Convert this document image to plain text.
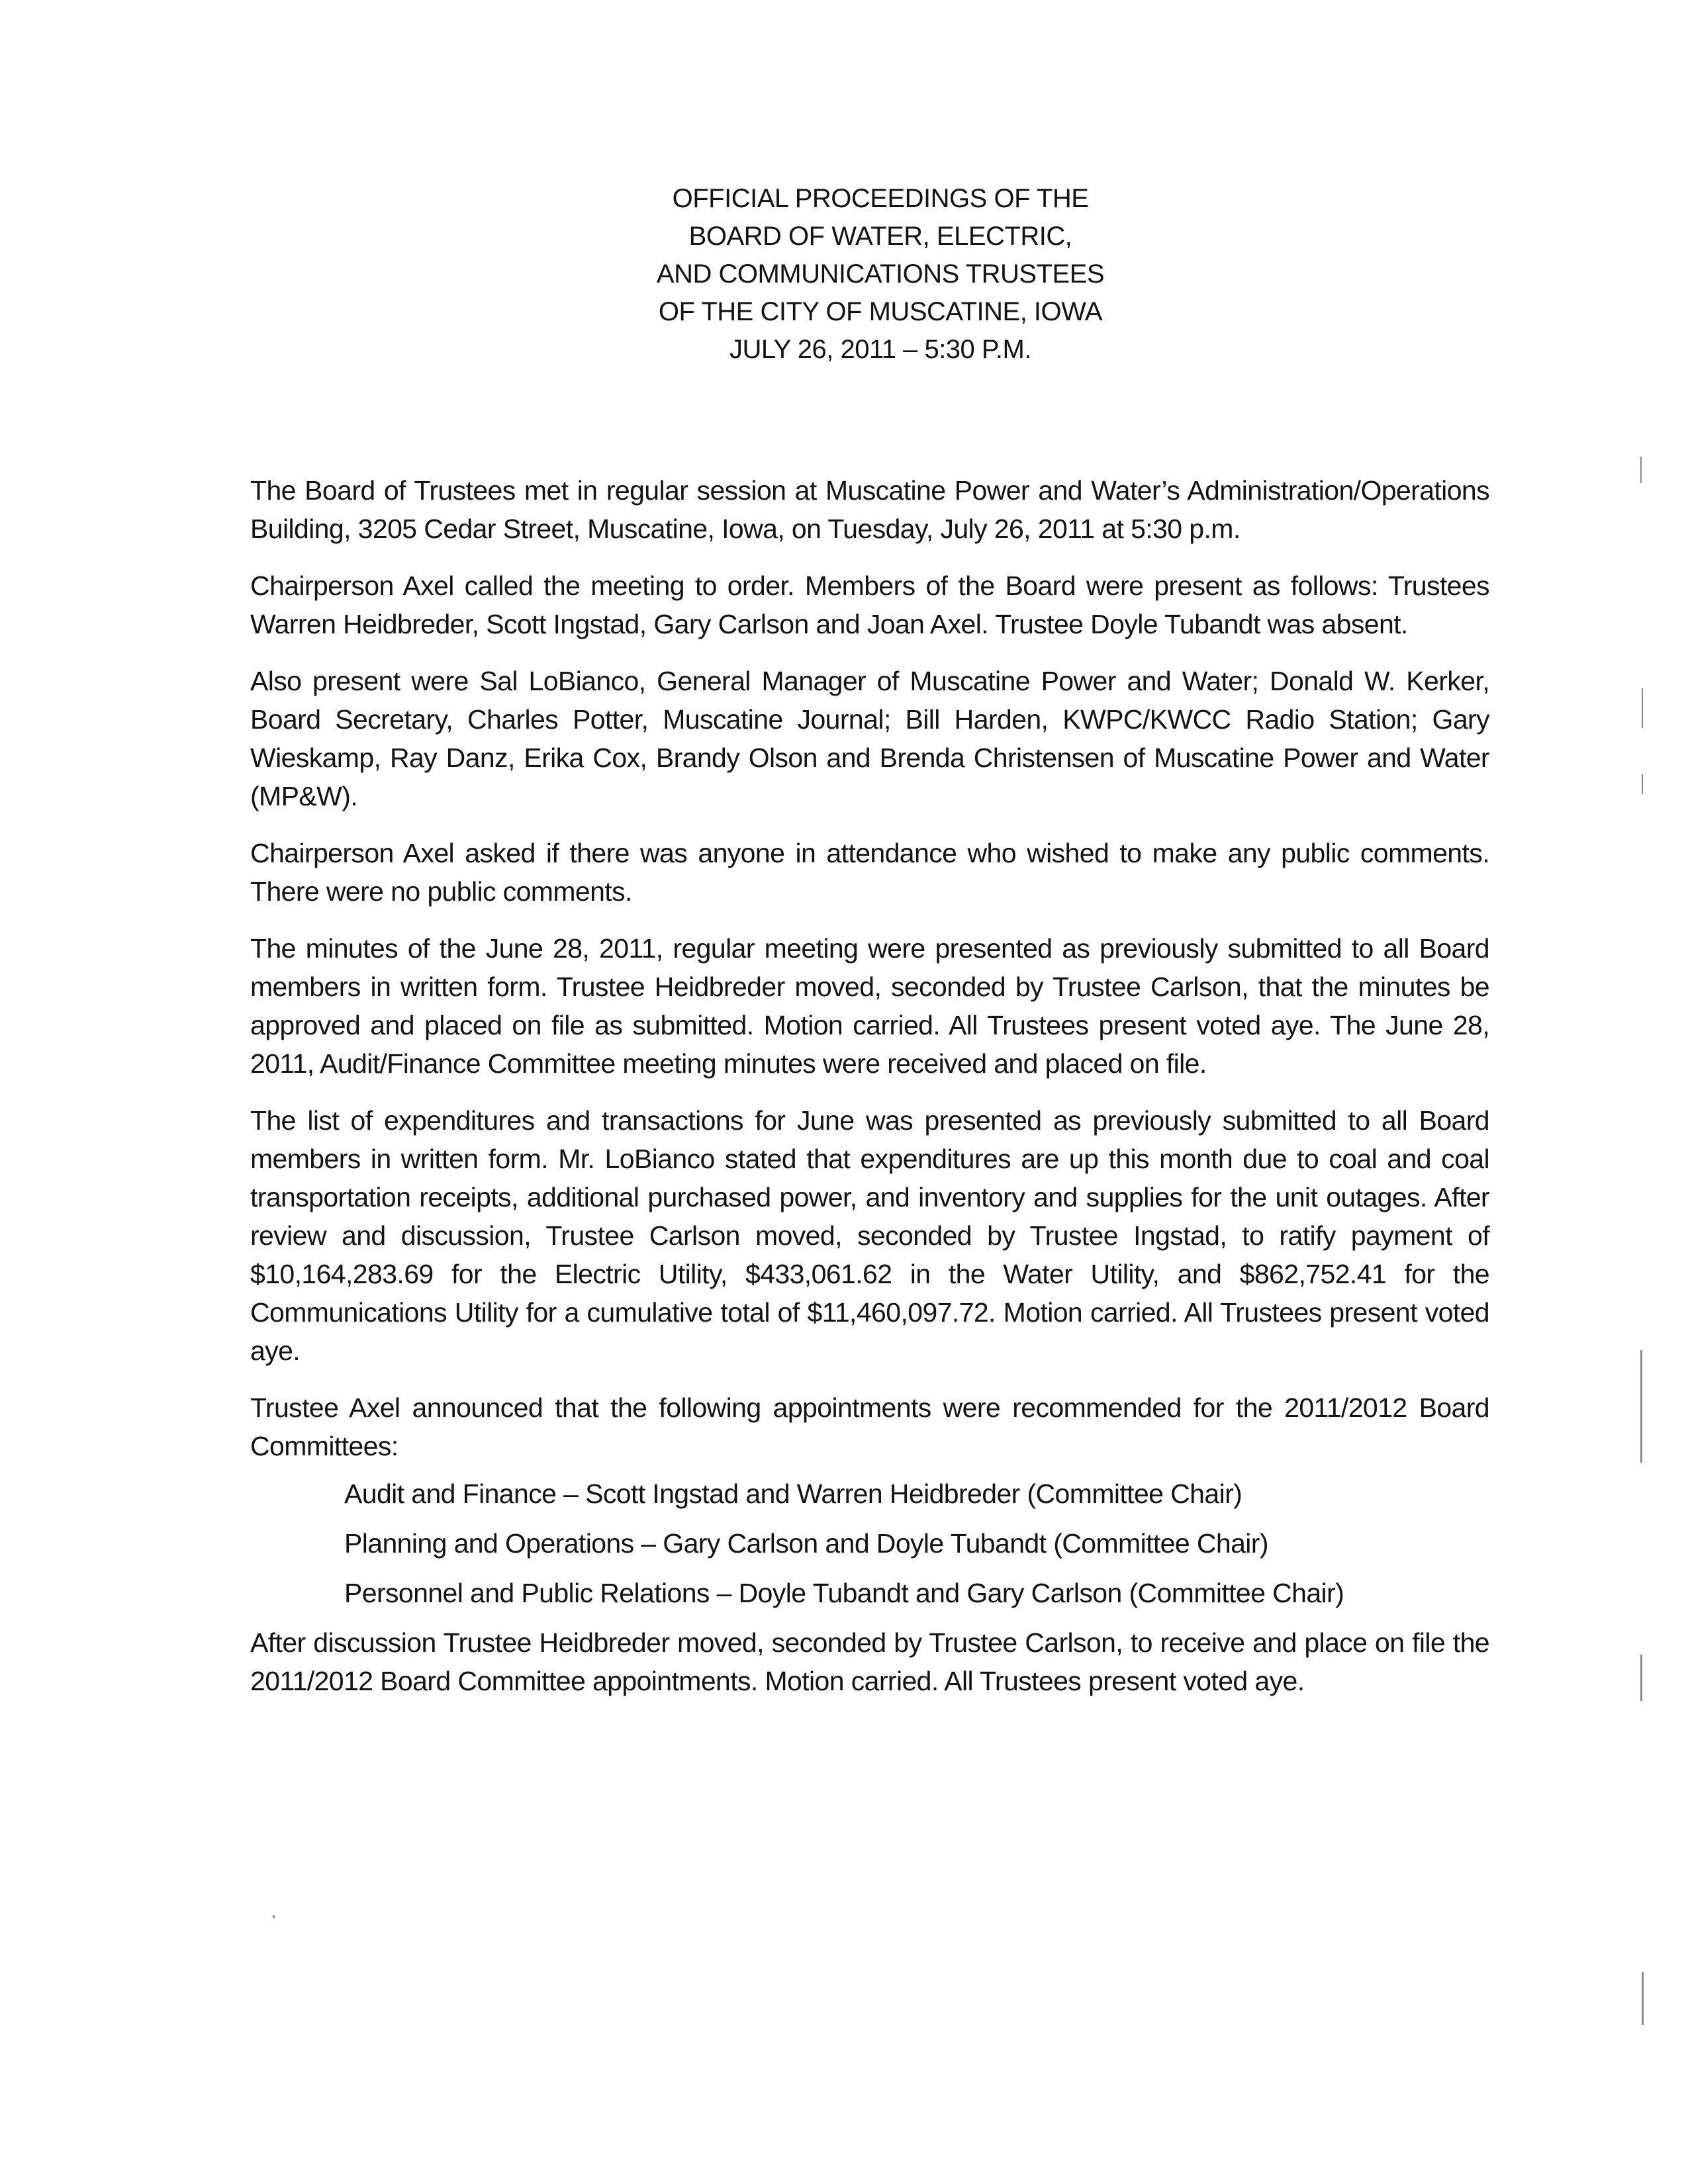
OFFICIAL PROCEEDINGS OF THE
BOARD OF WATER, ELECTRIC,
AND COMMUNICATIONS TRUSTEES
OF THE CITY OF MUSCATINE, IOWA
JULY 26, 2011 – 5:30 P.M.

The Board of Trustees met in regular session at Muscatine Power and Water’s Administration/Operations Building, 3205 Cedar Street, Muscatine, Iowa, on Tuesday, July 26, 2011 at 5:30 p.m.

Chairperson Axel called the meeting to order. Members of the Board were present as follows: Trustees Warren Heidbreder, Scott Ingstad, Gary Carlson and Joan Axel. Trustee Doyle Tubandt was absent.

Also present were Sal LoBianco, General Manager of Muscatine Power and Water; Donald W. Kerker, Board Secretary, Charles Potter, Muscatine Journal; Bill Harden, KWPC/KWCC Radio Station; Gary Wieskamp, Ray Danz, Erika Cox, Brandy Olson and Brenda Christensen of Muscatine Power and Water (MP&W).

Chairperson Axel asked if there was anyone in attendance who wished to make any public comments. There were no public comments.

The minutes of the June 28, 2011, regular meeting were presented as previously submitted to all Board members in written form. Trustee Heidbreder moved, seconded by Trustee Carlson, that the minutes be approved and placed on file as submitted. Motion carried. All Trustees present voted aye. The June 28, 2011, Audit/Finance Committee meeting minutes were received and placed on file.

The list of expenditures and transactions for June was presented as previously submitted to all Board members in written form. Mr. LoBianco stated that expenditures are up this month due to coal and coal transportation receipts, additional purchased power, and inventory and supplies for the unit outages. After review and discussion, Trustee Carlson moved, seconded by Trustee Ingstad, to ratify payment of $10,164,283.69 for the Electric Utility, $433,061.62 in the Water Utility, and $862,752.41 for the Communications Utility for a cumulative total of $11,460,097.72. Motion carried. All Trustees present voted aye.

Trustee Axel announced that the following appointments were recommended for the 2011/2012 Board Committees:

Audit and Finance – Scott Ingstad and Warren Heidbreder (Committee Chair)
Planning and Operations – Gary Carlson and Doyle Tubandt (Committee Chair)
Personnel and Public Relations – Doyle Tubandt and Gary Carlson (Committee Chair)

After discussion Trustee Heidbreder moved, seconded by Trustee Carlson, to receive and place on file the 2011/2012 Board Committee appointments. Motion carried. All Trustees present voted aye.
